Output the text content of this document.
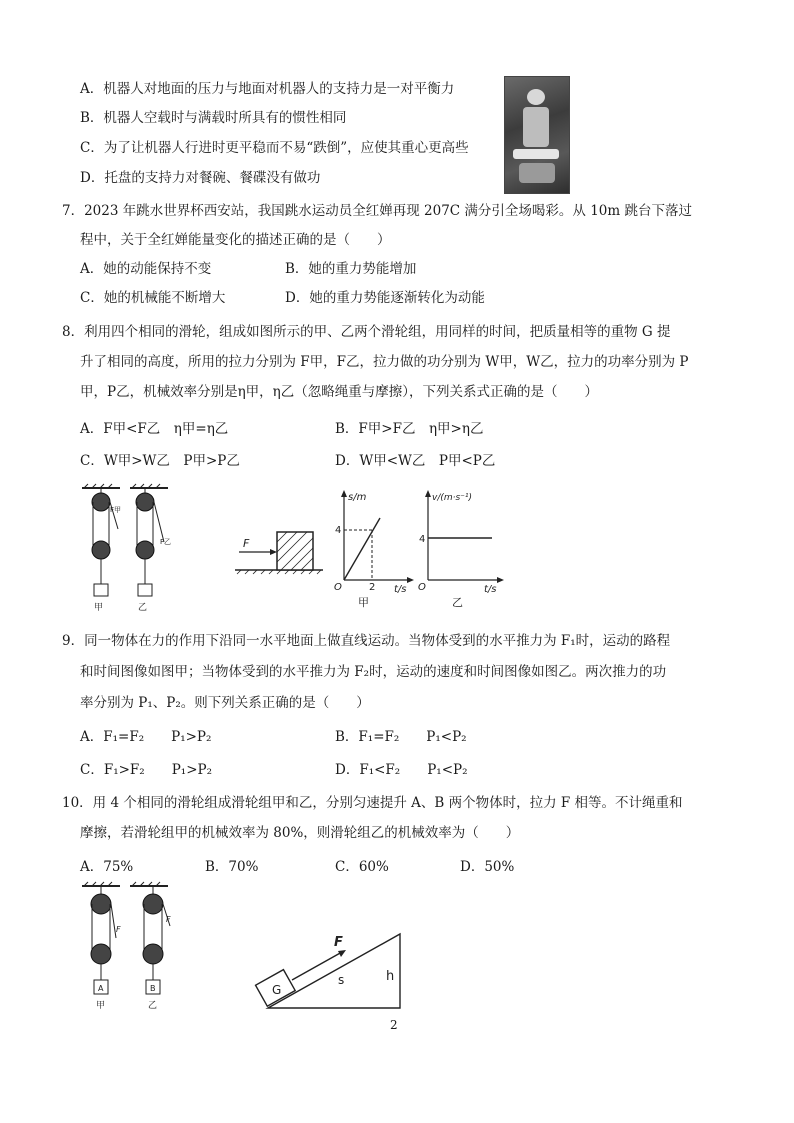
A．机器人对地面的压力与地面对机器人的支持力是一对平衡力
B．机器人空载时与满载时所具有的惯性相同
C．为了让机器人行进时更平稳而不易“跌倒”，应使其重心更高些
D．托盘的支持力对餐碗、餐碟没有做功
7．2023 年跳水世界杯西安站，我国跳水运动员全红婵再现 207C 满分引全场喝彩。从 10m 跳台下落过
程中，关于全红婵能量变化的描述正确的是（　　）
A．她的动能保持不变	B．她的重力势能增加
C．她的机械能不断增大	D．她的重力势能逐渐转化为动能
8．利用四个相同的滑轮，组成如图所示的甲、乙两个滑轮组，用同样的时间，把质量相等的重物 G 提
升了相同的高度，所用的拉力分别为 F甲，F乙，拉力做的功分别为 W甲，W乙，拉力的功率分别为 P
甲，P乙，机械效率分别是η甲，η乙（忽略绳重与摩擦），下列关系式正确的是（　　）
A．F甲<F乙　η甲=η乙	B．F甲>F乙　η甲>η乙
C．W甲>W乙　P甲>P乙	D．W甲<W乙　P甲<P乙
F甲
甲
F乙
乙
F
s/m
4
O	2 t/s
甲
v/(m·s⁻¹)
4
O	t/s
乙
9．同一物体在力的作用下沿同一水平地面上做直线运动。当物体受到的水平推力为 F₁时，运动的路程
和时间图像如图甲；当物体受到的水平推力为 F₂时，运动的速度和时间图像如图乙。两次推力的功
率分别为 P₁、P₂。则下列关系正确的是（　　）
A．F₁=F₂　　P₁>P₂	B．F₁=F₂　　P₁<P₂
C．F₁>F₂　　P₁>P₂	D．F₁<F₂　　P₁<P₂
10．用 4 个相同的滑轮组成滑轮组甲和乙，分别匀速提升 A、B 两个物体时，拉力 F 相等。不计绳重和
摩擦，若滑轮组甲的机械效率为 80%，则滑轮组乙的机械效率为（　　）
A．75%	B．70%	C．60%	D．50%
A
F
甲
B
F
乙
G
F
s	h
2
